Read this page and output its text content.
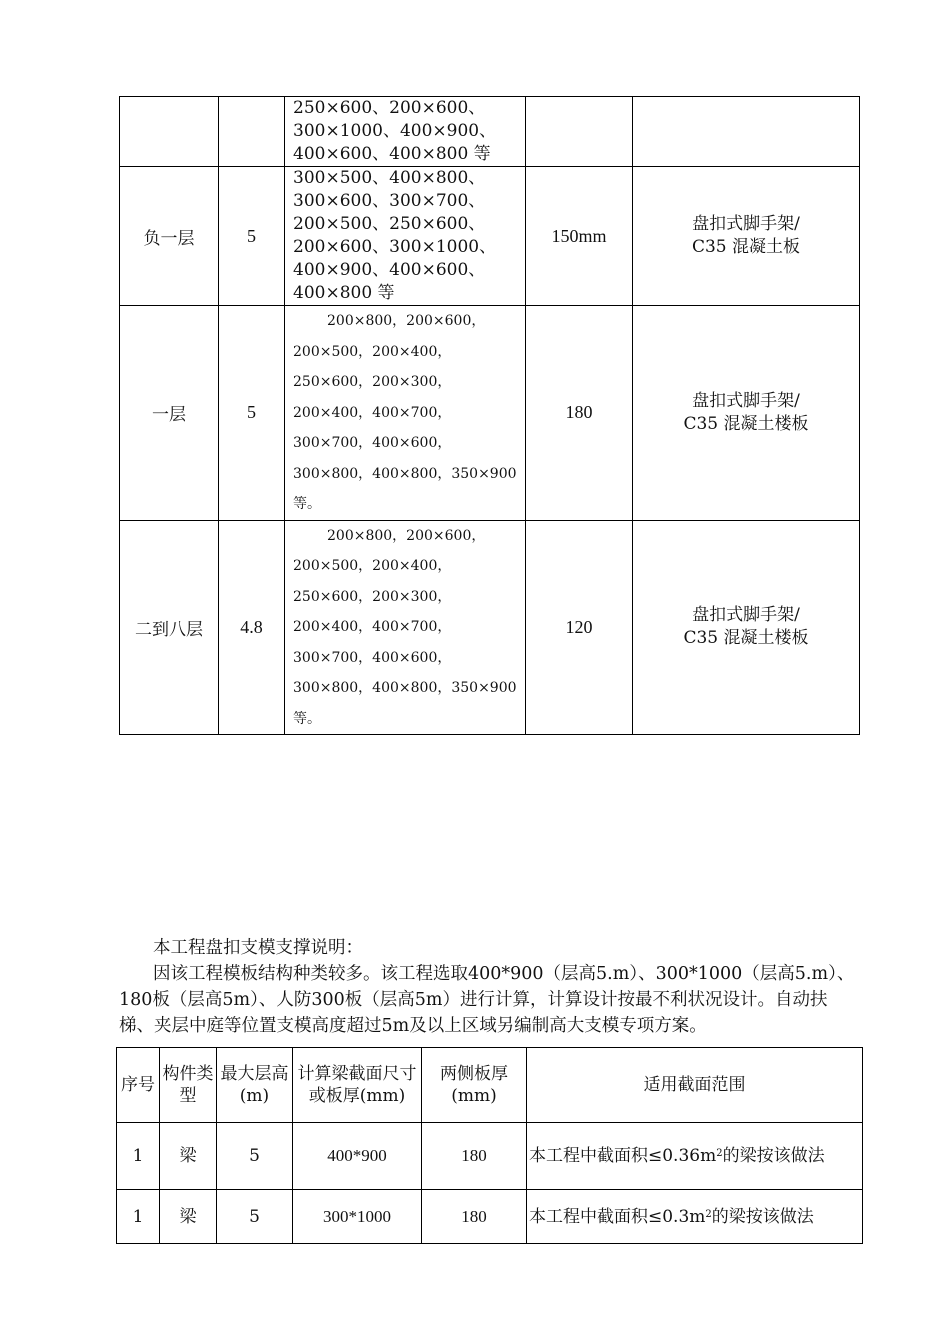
		250×600、200×600、300×1000、400×900、400×600、400×800 等		
负一层	5	300×500、400×800、300×600、300×700、200×500、250×600、200×600、300×1000、400×900、400×600、400×800 等	150mm	盘扣式脚手架/
C35 混凝土板
一层	5	200×800，200×600，200×500，200×400，250×600，200×300，200×400，400×700，300×700，400×600，300×800，400×800，350×900 等。	180	盘扣式脚手架/
C35 混凝土楼板
二到八层	4.8	200×800，200×600，200×500，200×400，250×600，200×300，200×400，400×700，300×700，400×600，300×800，400×800，350×900 等。	120	盘扣式脚手架/
C35 混凝土楼板
本工程盘扣支模支撑说明：
因该工程模板结构种类较多。该工程选取400*900（层高5.m）、300*1000（层高5.m）、180板（层高5m）、人防300板（层高5m）进行计算，计算设计按最不利状况设计。自动扶梯、夹层中庭等位置支模高度超过5m及以上区域另编制高大支模专项方案。
序号	构件类型	最大层高(m)	计算梁截面尺寸或板厚(mm)	两侧板厚(mm)	适用截面范围
1	梁	5	400*900	180	本工程中截面积$\le 0.36m^2$的梁按该做法
1	梁	5	300*1000	180	本工程中截面积$\le 0.3m^2$的梁按该做法
